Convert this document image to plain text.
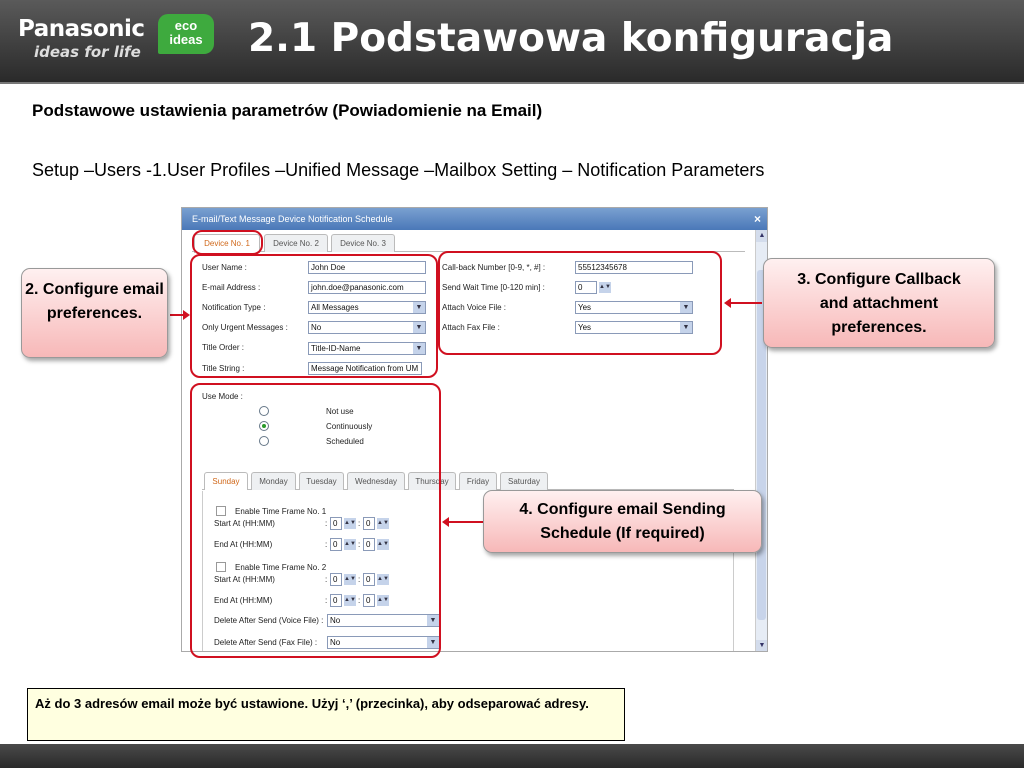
Panasonic
ideas for life
eco
ideas 2.1 Podstawowa konfiguracja
Podstawowe ustawienia parametrów (Powiadomienie na Email)
Setup –Users -1.User Profiles –Unified Message –Mailbox Setting – Notification Parameters
E-mail/Text Message Device Notification Schedule	×
Device No. 1	Device No. 2	Device No. 3
▲
▼
User Name :	John Doe
E-mail Address :	john.doe@panasonic.com
Notification Type :	All Messages	▼
Only Urgent Messages :	No	▼
Title Order :	Title-ID-Name	▼
Title String :	Message Notification from UM
Call-back Number [0-9, *, #] :	55512345678
Send Wait Time [0-120 min] :	0	▲▼
Attach Voice File :	Yes	▼
Attach Fax File :	Yes	▼
Use Mode :
Not use
Continuously
Scheduled
Sunday	Monday	Tuesday	Wednesday	Thursday	Friday	Saturday
Enable Time Frame No. 1
Start At (HH:MM)	: 0	▲▼ : 0	▲▼
End At (HH:MM)	: 0	▲▼ : 0	▲▼
Enable Time Frame No. 2
Start At (HH:MM)	: 0	▲▼ : 0	▲▼
End At (HH:MM)	: 0	▲▼ : 0	▲▼
Delete After Send (Voice File) : No	▼
Delete After Send (Fax File) :	No	▼
2. Configure email preferences.
3. Configure Callback and attachment preferences.
4. Configure email Sending Schedule (If required)
Aż do 3 adresów email może być ustawione. Użyj ‘,’ (przecinka), aby odseparować adresy.
